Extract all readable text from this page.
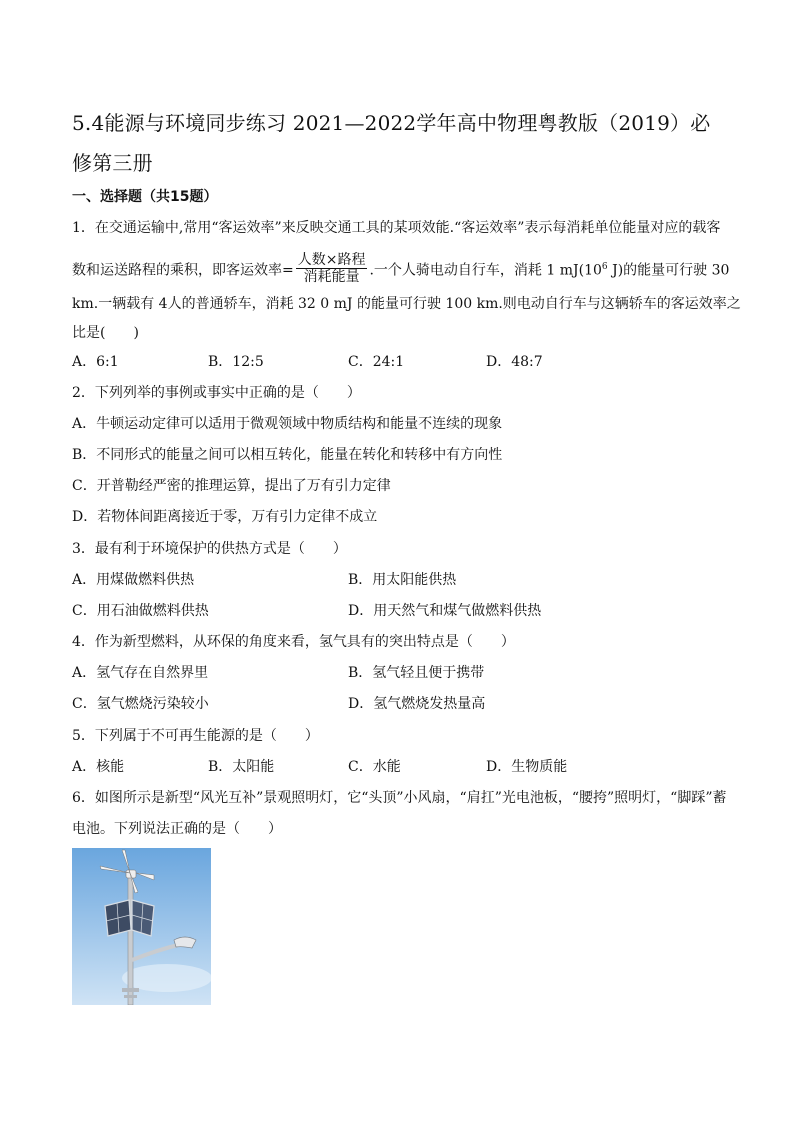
5.4能源与环境同步练习 2021—2022学年高中物理粤教版（2019）必
修第三册
一、选择题（共15题）
1．在交通运输中,常用“客运效率”来反映交通工具的某项效能.“客运效率”表示每消耗单位能量对应的载客
数和运送路程的乘积，即客运效率= $\frac{\text{人数×路程}}{\text{消耗能量}}$ .一个人骑电动自行车，消耗 1 $mJ(10^6$ J)的能量可行驶 30
km.一辆载有 4人的普通轿车，消耗 32 0 mJ 的能量可行驶 100 km.则电动自行车与这辆轿车的客运效率之
比是(　　)
A．6:1	B．12:5	C．24:1	D．48:7
2．下列列举的事例或事实中正确的是（　　）
A．牛顿运动定律可以适用于微观领域中物质结构和能量不连续的现象
B．不同形式的能量之间可以相互转化，能量在转化和转移中有方向性
C．开普勒经严密的推理运算，提出了万有引力定律
D．若物体间距离接近于零，万有引力定律不成立
3．最有利于环境保护的供热方式是（　　）
A．用煤做燃料供热	B．用太阳能供热
C．用石油做燃料供热	D．用天然气和煤气做燃料供热
4．作为新型燃料，从环保的角度来看，氢气具有的突出特点是（　　）
A．氢气存在自然界里	B．氢气轻且便于携带
C．氢气燃烧污染较小	D．氢气燃烧发热量高
5．下列属于不可再生能源的是（　　）
A．核能	B．太阳能	C．水能	D．生物质能
6．如图所示是新型“风光互补”景观照明灯，它“头顶”小风扇，“肩扛”光电池板，“腰挎”照明灯，“脚踩”蓄
电池。下列说法正确的是（　　）
